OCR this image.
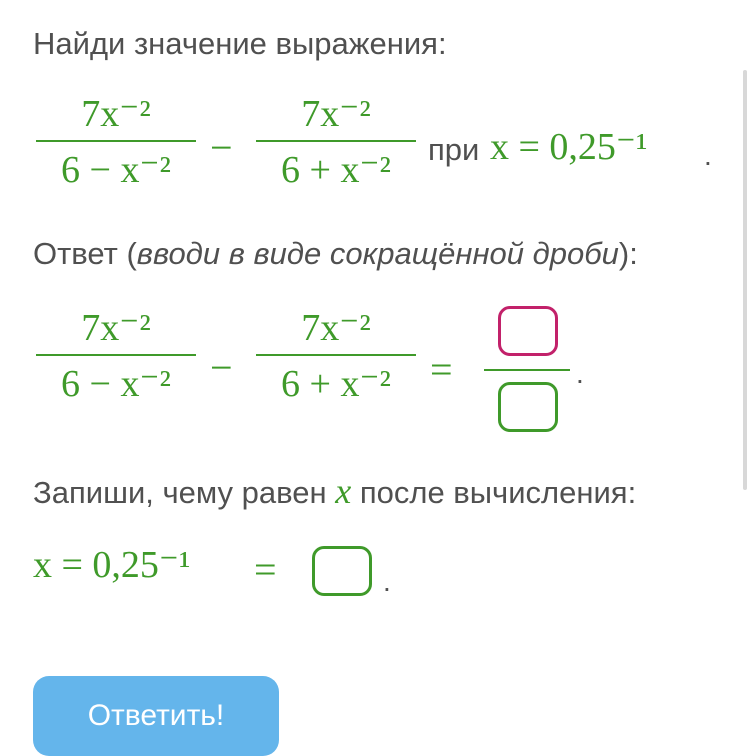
Найди значение выражения:
7x⁻²
6 − x⁻² −
7x⁻²
6 + x⁻²	при x = 0,25⁻¹ .
Ответ (вводи в виде сокращённой дроби):
7x⁻²
6 − x⁻² −
7x⁻²
6 + x⁻² =	.
Запиши, чему равен x после вычисления:
x = 0,25⁻¹ =	.
Ответить!
